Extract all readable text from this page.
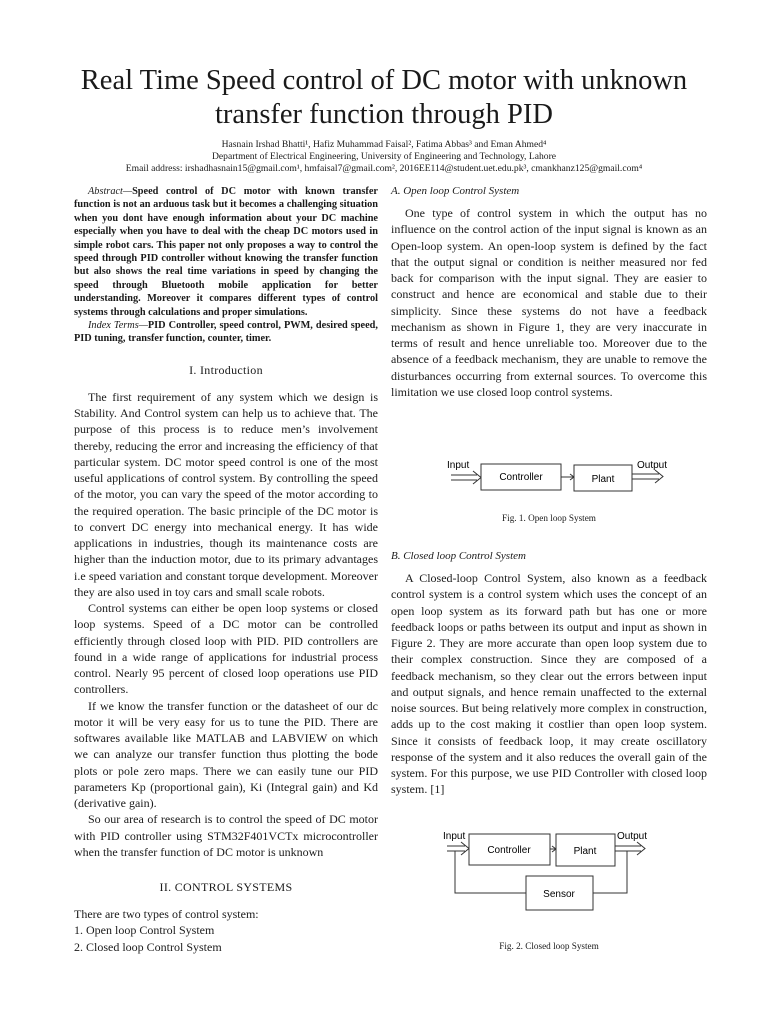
Real Time Speed control of DC motor with unknown transfer function through PID
Hasnain Irshad Bhatti¹, Hafiz Muhammad Faisal², Fatima Abbas³ and Eman Ahmed⁴
Department of Electrical Engineering, University of Engineering and Technology, Lahore
Email address: irshadhasnain15@gmail.com¹, hmfaisal7@gmail.com², 2016EE114@student.uet.edu.pk³, cmankhanz125@gmail.com⁴

Abstract—Speed control of DC motor with known transfer function is not an arduous task but it becomes a challenging situation when you dont have enough information about your DC machine especially when you have to deal with the cheap DC motors used in simple robot cars. This paper not only proposes a way to control the speed through PID controller without knowing the transfer function but also shows the real time variations in speed by changing the speed through Bluetooth mobile application for better understanding. Moreover it compares different types of control systems through calculations and proper simulations.

Index Terms—PID Controller, speed control, PWM, desired speed, PID tuning, transfer function, counter, timer.

I. Introduction

The first requirement of any system which we design is Stability. And Control system can help us to achieve that. The purpose of this process is to reduce men’s involvement thereby, reducing the error and increasing the efficiency of that particular system. DC motor speed control is one of the most useful applications of control system. By controlling the speed of the motor, you can vary the speed of the motor according to the required operation. The basic principle of the DC motor is to convert DC energy into mechanical energy. It has wide applications in industries, though its maintenance costs are higher than the induction motor, due to its primary advantages i.e speed variation and constant torque development. Moreover they are also used in toy cars and small scale robots.

Control systems can either be open loop systems or closed loop systems. Speed of a DC motor can be controlled efficiently through closed loop with PID. PID controllers are found in a wide range of applications for industrial process control. Nearly 95 percent of closed loop operations use PID controllers.

If we know the transfer function or the datasheet of our dc motor it will be very easy for us to tune the PID. There are softwares available like MATLAB and LABVIEW on which we can analyze our transfer function thus plotting the bode plots or pole zero maps. There we can easily tune our PID parameters Kp (proportional gain), Ki (Integral gain) and Kd (derivative gain).

So our area of research is to control the speed of DC motor with PID controller using STM32F401VCTx microcontroller when the transfer function of DC motor is unknown

II. CONTROL SYSTEMS
There are two types of control system:
1. Open loop Control System
2. Closed loop Control System
A. Open loop Control System

One type of control system in which the output has no influence on the control action of the input signal is known as an Open-loop system. An open-loop system is defined by the fact that the output signal or condition is neither measured nor fed back for comparison with the input signal. They are easier to construct and hence are economical and stable due to their simplicity. Since these systems do not have a feedback mechanism as shown in Figure 1, they are very inaccurate in terms of result and hence unreliable too. Moreover due to the absence of a feedback mechanism, they are unable to remove the disturbances occurring from external sources. To overcome this limitation we use closed loop control systems.

Input
Controller	Plant
Output
Fig. 1. Open loop System
B. Closed loop Control System

A Closed-loop Control System, also known as a feedback control system is a control system which uses the concept of an open loop system as its forward path but has one or more feedback loops or paths between its output and input as shown in Figure 2. They are more accurate than open loop system due to their complex construction. Since they are composed of a feedback mechanism, so they clear out the errors between input and output signals, and hence remain unaffected to the external noise sources. But being relatively more complex in construction, adds up to the cost making it costlier than open loop system. Since it consists of feedback loop, it may create oscillatory response of the system and it also reduces the overall gain of the system. For this purpose, we use PID Controller with closed loop system. [1]

Input
Controller	Plant
Output
Sensor
Fig. 2. Closed loop System
